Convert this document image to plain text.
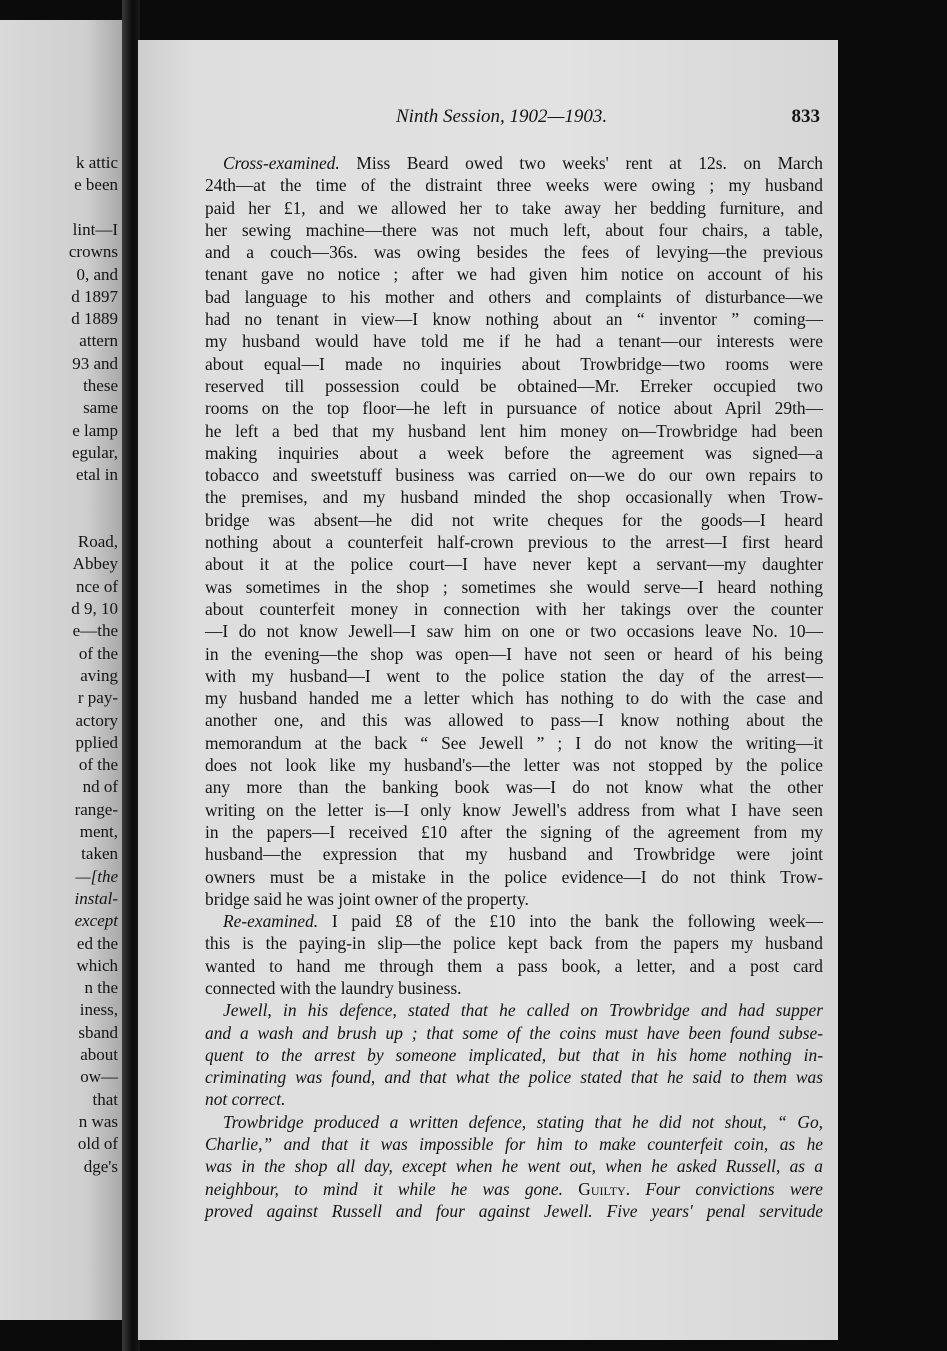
k attic
e been
lint—I
crowns
0, and
d 1897
d 1889
attern
93 and
these
same
e lamp
egular,
etal in
Road,
Abbey
nce of
d 9, 10
e—the
of the
aving
r pay-
actory
pplied
of the
nd of
range-
ment,
taken
—[the
instal-
except
ed the
which
n the
iness,
sband
about
ow—
that
n was
old of
dge's
Ninth Session, 1902—1903.	833
Cross-examined. Miss Beard owed two weeks' rent at 12s. on March
24th—at the time of the distraint three weeks were owing ; my husband
paid her £1, and we allowed her to take away her bedding furniture, and
her sewing machine—there was not much left, about four chairs, a table,
and a couch—36s. was owing besides the fees of levying—the previous
tenant gave no notice ; after we had given him notice on account of his
bad language to his mother and others and complaints of disturbance—we
had no tenant in view—I know nothing about an “ inventor ” coming—
my husband would have told me if he had a tenant—our interests were
about equal—I made no inquiries about Trowbridge—two rooms were
reserved till possession could be obtained—Mr. Erreker occupied two
rooms on the top floor—he left in pursuance of notice about April 29th—
he left a bed that my husband lent him money on—Trowbridge had been
making inquiries about a week before the agreement was signed—a
tobacco and sweetstuff business was carried on—we do our own repairs to
the premises, and my husband minded the shop occasionally when Trow-
bridge was absent—he did not write cheques for the goods—I heard
nothing about a counterfeit half-crown previous to the arrest—I first heard
about it at the police court—I have never kept a servant—my daughter
was sometimes in the shop ; sometimes she would serve—I heard nothing
about counterfeit money in connection with her takings over the counter
—I do not know Jewell—I saw him on one or two occasions leave No. 10—
in the evening—the shop was open—I have not seen or heard of his being
with my husband—I went to the police station the day of the arrest—
my husband handed me a letter which has nothing to do with the case and
another one, and this was allowed to pass—I know nothing about the
memorandum at the back “ See Jewell ” ; I do not know the writing—it
does not look like my husband's—the letter was not stopped by the police
any more than the banking book was—I do not know what the other
writing on the letter is—I only know Jewell's address from what I have seen
in the papers—I received £10 after the signing of the agreement from my
husband—the expression that my husband and Trowbridge were joint
owners must be a mistake in the police evidence—I do not think Trow-
bridge said he was joint owner of the property.
Re-examined. I paid £8 of the £10 into the bank the following week—
this is the paying-in slip—the police kept back from the papers my husband
wanted to hand me through them a pass book, a letter, and a post card
connected with the laundry business.
Jewell, in his defence, stated that he called on Trowbridge and had supper
and a wash and brush up ; that some of the coins must have been found subse-
quent to the arrest by someone implicated, but that in his home nothing in-
criminating was found, and that what the police stated that he said to them was
not correct.
Trowbridge produced a written defence, stating that he did not shout, “ Go,
Charlie,” and that it was impossible for him to make counterfeit coin, as he
was in the shop all day, except when he went out, when he asked Russell, as a
neighbour, to mind it while he was gone. Guilty. Four convictions were
proved against Russell and four against Jewell. Five years' penal servitude
